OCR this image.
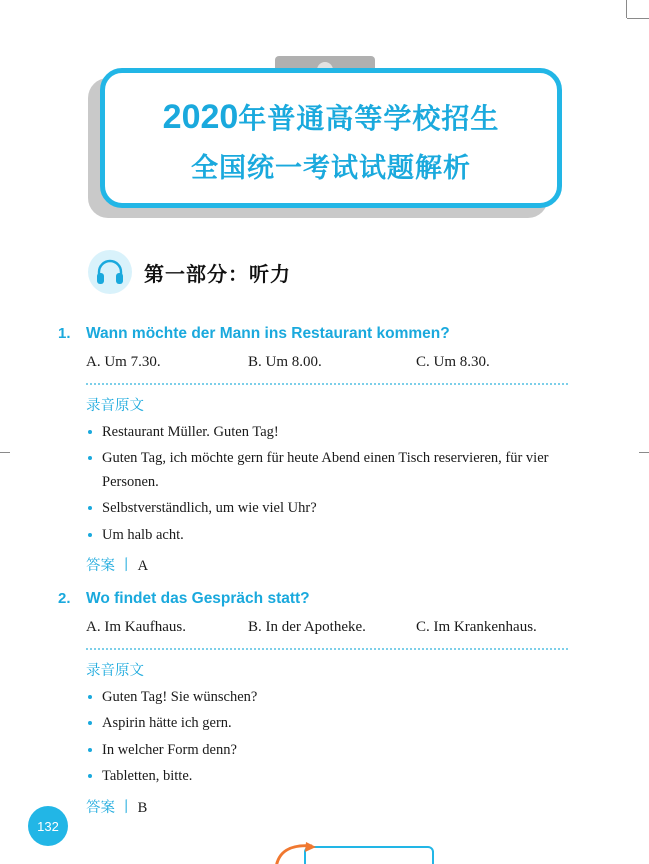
2020年普通高等学校招生
全国统一考试试题解析
第一部分：听力
1. Wann möchte der Mann ins Restaurant kommen?
A. Um 7.30.	B. Um 8.00.	C. Um 8.30.
录音原文
Restaurant Müller. Guten Tag!
Guten Tag, ich möchte gern für heute Abend einen Tisch reservieren, für vier Personen.
Selbstverständlich, um wie viel Uhr?
Um halb acht.
答案 丨 A
2. Wo findet das Gespräch statt?
A. Im Kaufhaus.	B. In der Apotheke.	C. Im Krankenhaus.
录音原文
Guten Tag! Sie wünschen?
Aspirin hätte ich gern.
In welcher Form denn?
Tabletten, bitte.
答案 丨 B
132
